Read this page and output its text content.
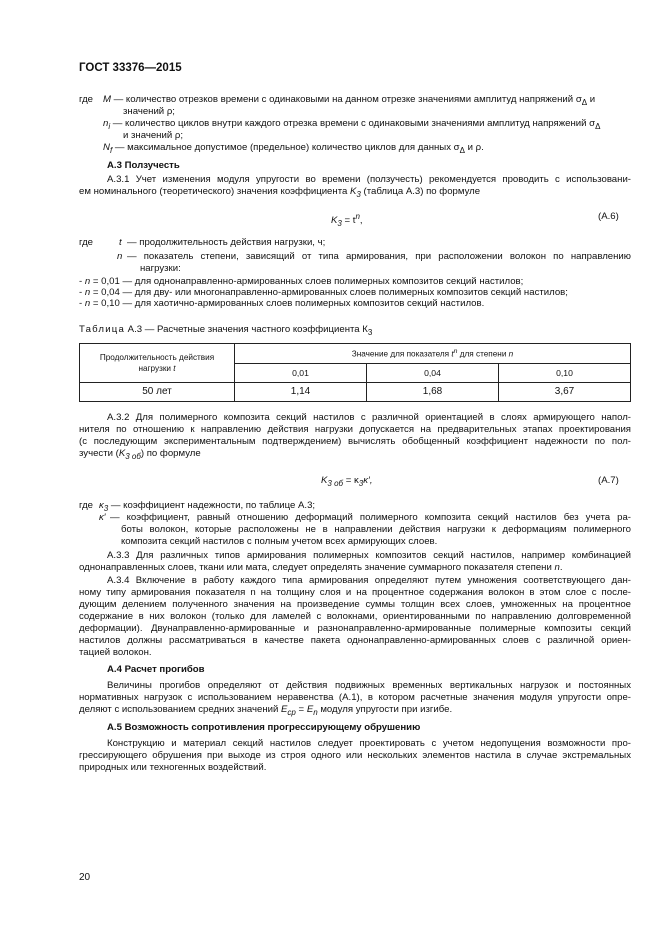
ГОСТ 33376—2015
где M — количество отрезков времени с одинаковыми на данном отрезке значениями амплитуд напряжений $\sigma_\Delta$ и
значений ρ;
$n_i$ — количество циклов внутри каждого отрезка времени с одинаковыми значениями амплитуд напряжений $\sigma_\Delta$
и значений ρ;
$N_f$ — максимальное допустимое (предельное) количество циклов для данных $\sigma_\Delta$ и ρ.
А.3 Ползучесть
А.3.1 Учет изменения модуля упругости во времени (ползучесть) рекомендуется проводить с использовани-
ем номинального (теоретического) значения коэффициента $K_3$ (таблица А.3) по формуле
$K_3 = t^n$,	(А.6)
где	t — продолжительность действия нагрузки, ч;
n — показатель степени, зависящий от типа армирования, при расположении волокон по направлению
нагрузки:
- n = 0,01 — для однонаправленно-армированных слоев полимерных композитов секций настилов;
- n = 0,04 — для дву- или многонаправленно-армированных слоев полимерных композитов секций настилов;
- n = 0,10 — для хаотично-армированных слоев полимерных композитов секций настилов.
Таблица А.3 — Расчетные значения частного коэффициента $К_3$
Продолжительность действия
нагрузки t	Значение для показателя $t^n$ для степени n		
	0,01	0,04	0,10
50 лет	1,14	1,68	3,67
А.3.2 Для полимерного композита секций настилов с различной ориентацией в слоях армирующего напол-
нителя по отношению к направлению действия нагрузки допускается на предварительных этапах проектирования
(с последующим экспериментальным подтверждением) вычислять обобщенный коэффициент надежности по пол-
зучести $(K_{3 об})$ по формуле
$K_{3 об} = \kappa_3\kappa'$,	(А.7)
где $\kappa_3$ — коэффициент надежности, по таблице А.3;
κ′ — коэффициент, равный отношению деформаций полимерного композита секций настилов без учета ра-
боты волокон, которые расположены не в направлении действия нагрузки к деформациям полимерного
композита секций настилов с полным учетом всех армирующих слоев.
А.3.3 Для различных типов армирования полимерных композитов секций настилов, например комбинацией
однонаправленных слоев, ткани или мата, следует определять значение суммарного показателя степени n.
А.3.4 Включение в работу каждого типа армирования определяют путем умножения соответствующего дан-
ному типу армирования показателя n на толщину слоя и на процентное содержания волокон в этом слое с после-
дующим делением полученного значения на произведение суммы толщин всех слоев, умноженных на процентное
содержание в них волокон (только для ламелей с волокнами, ориентированными по направлению долговременной
деформации). Двунаправленно-армированные и разнонаправленно-армированные полимерные композиты секций
настилов должны рассматриваться в качестве пакета однонаправленно-армированных слоев с различной ориен-
тацией волокон.
А.4 Расчет прогибов
Величины прогибов определяют от действия подвижных временных вертикальных нагрузок и постоянных
нормативных нагрузок с использованием неравенства (А.1), в котором расчетные значения модуля упругости опре-
деляют с использованием средних значений $E_{ср} = E_n$ модуля упругости при изгибе.
А.5 Возможность сопротивления прогрессирующему обрушению
Конструкцию и материал секций настилов следует проектировать с учетом недопущения возможности про-
грессирующего обрушения при выходе из строя одного или нескольких элементов настила в случае экстремальных
природных или техногенных воздействий.
20
